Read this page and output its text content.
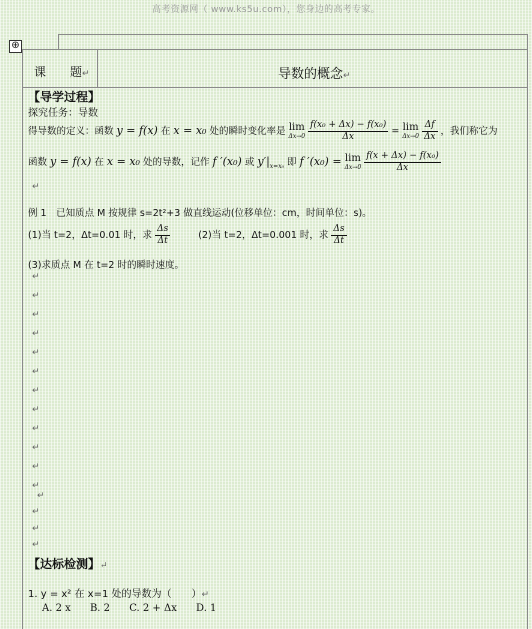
高考资源网（ www.ks5u.com），您身边的高考专家。
⊕
课　　题↵	导数的概念↵
【导学过程】
探究任务：导数
得导数的定义：函数 y = f(x) 在 x = x₀ 处的瞬时变化率是 lim
Δx→0
$\frac{\text{f(x₀ + Δx) − f(x₀)}}{\Delta x} = \lim$
Δx→0
$\frac{\Delta f}{\Delta x}$ ，我们称它为
函数 y = f(x) 在 x = x₀ 处的导数，记作 f ′(x₀) 或 $y'|_{x=x_0}$ 即 f ′(x₀) = lim
Δx→0
$\frac{\text{f(x + Δx) − f(x₀)}}{\Delta x}$
↵
例 1　已知质点 M 按规律 s=2t²+3 做直线运动(位移单位：cm，时间单位：s)。
(1)当 t=2，Δt=0.01 时，求 $\frac{\Delta s}{\Delta t}$	(2)当 t=2，Δt=0.001 时，求 $\frac{\Delta s}{\Delta t}$
(3)求质点 M 在 t=2 时的瞬时速度。
↵
↵
↵
↵
↵
↵
↵
↵
↵
↵
↵
↵
↵
↵
↵
↵
【达标检测】↵
1. y = x² 在 x=1 处的导数为（　　）↵
A. 2 x B. 2 C. 2 + Δx D. 1
